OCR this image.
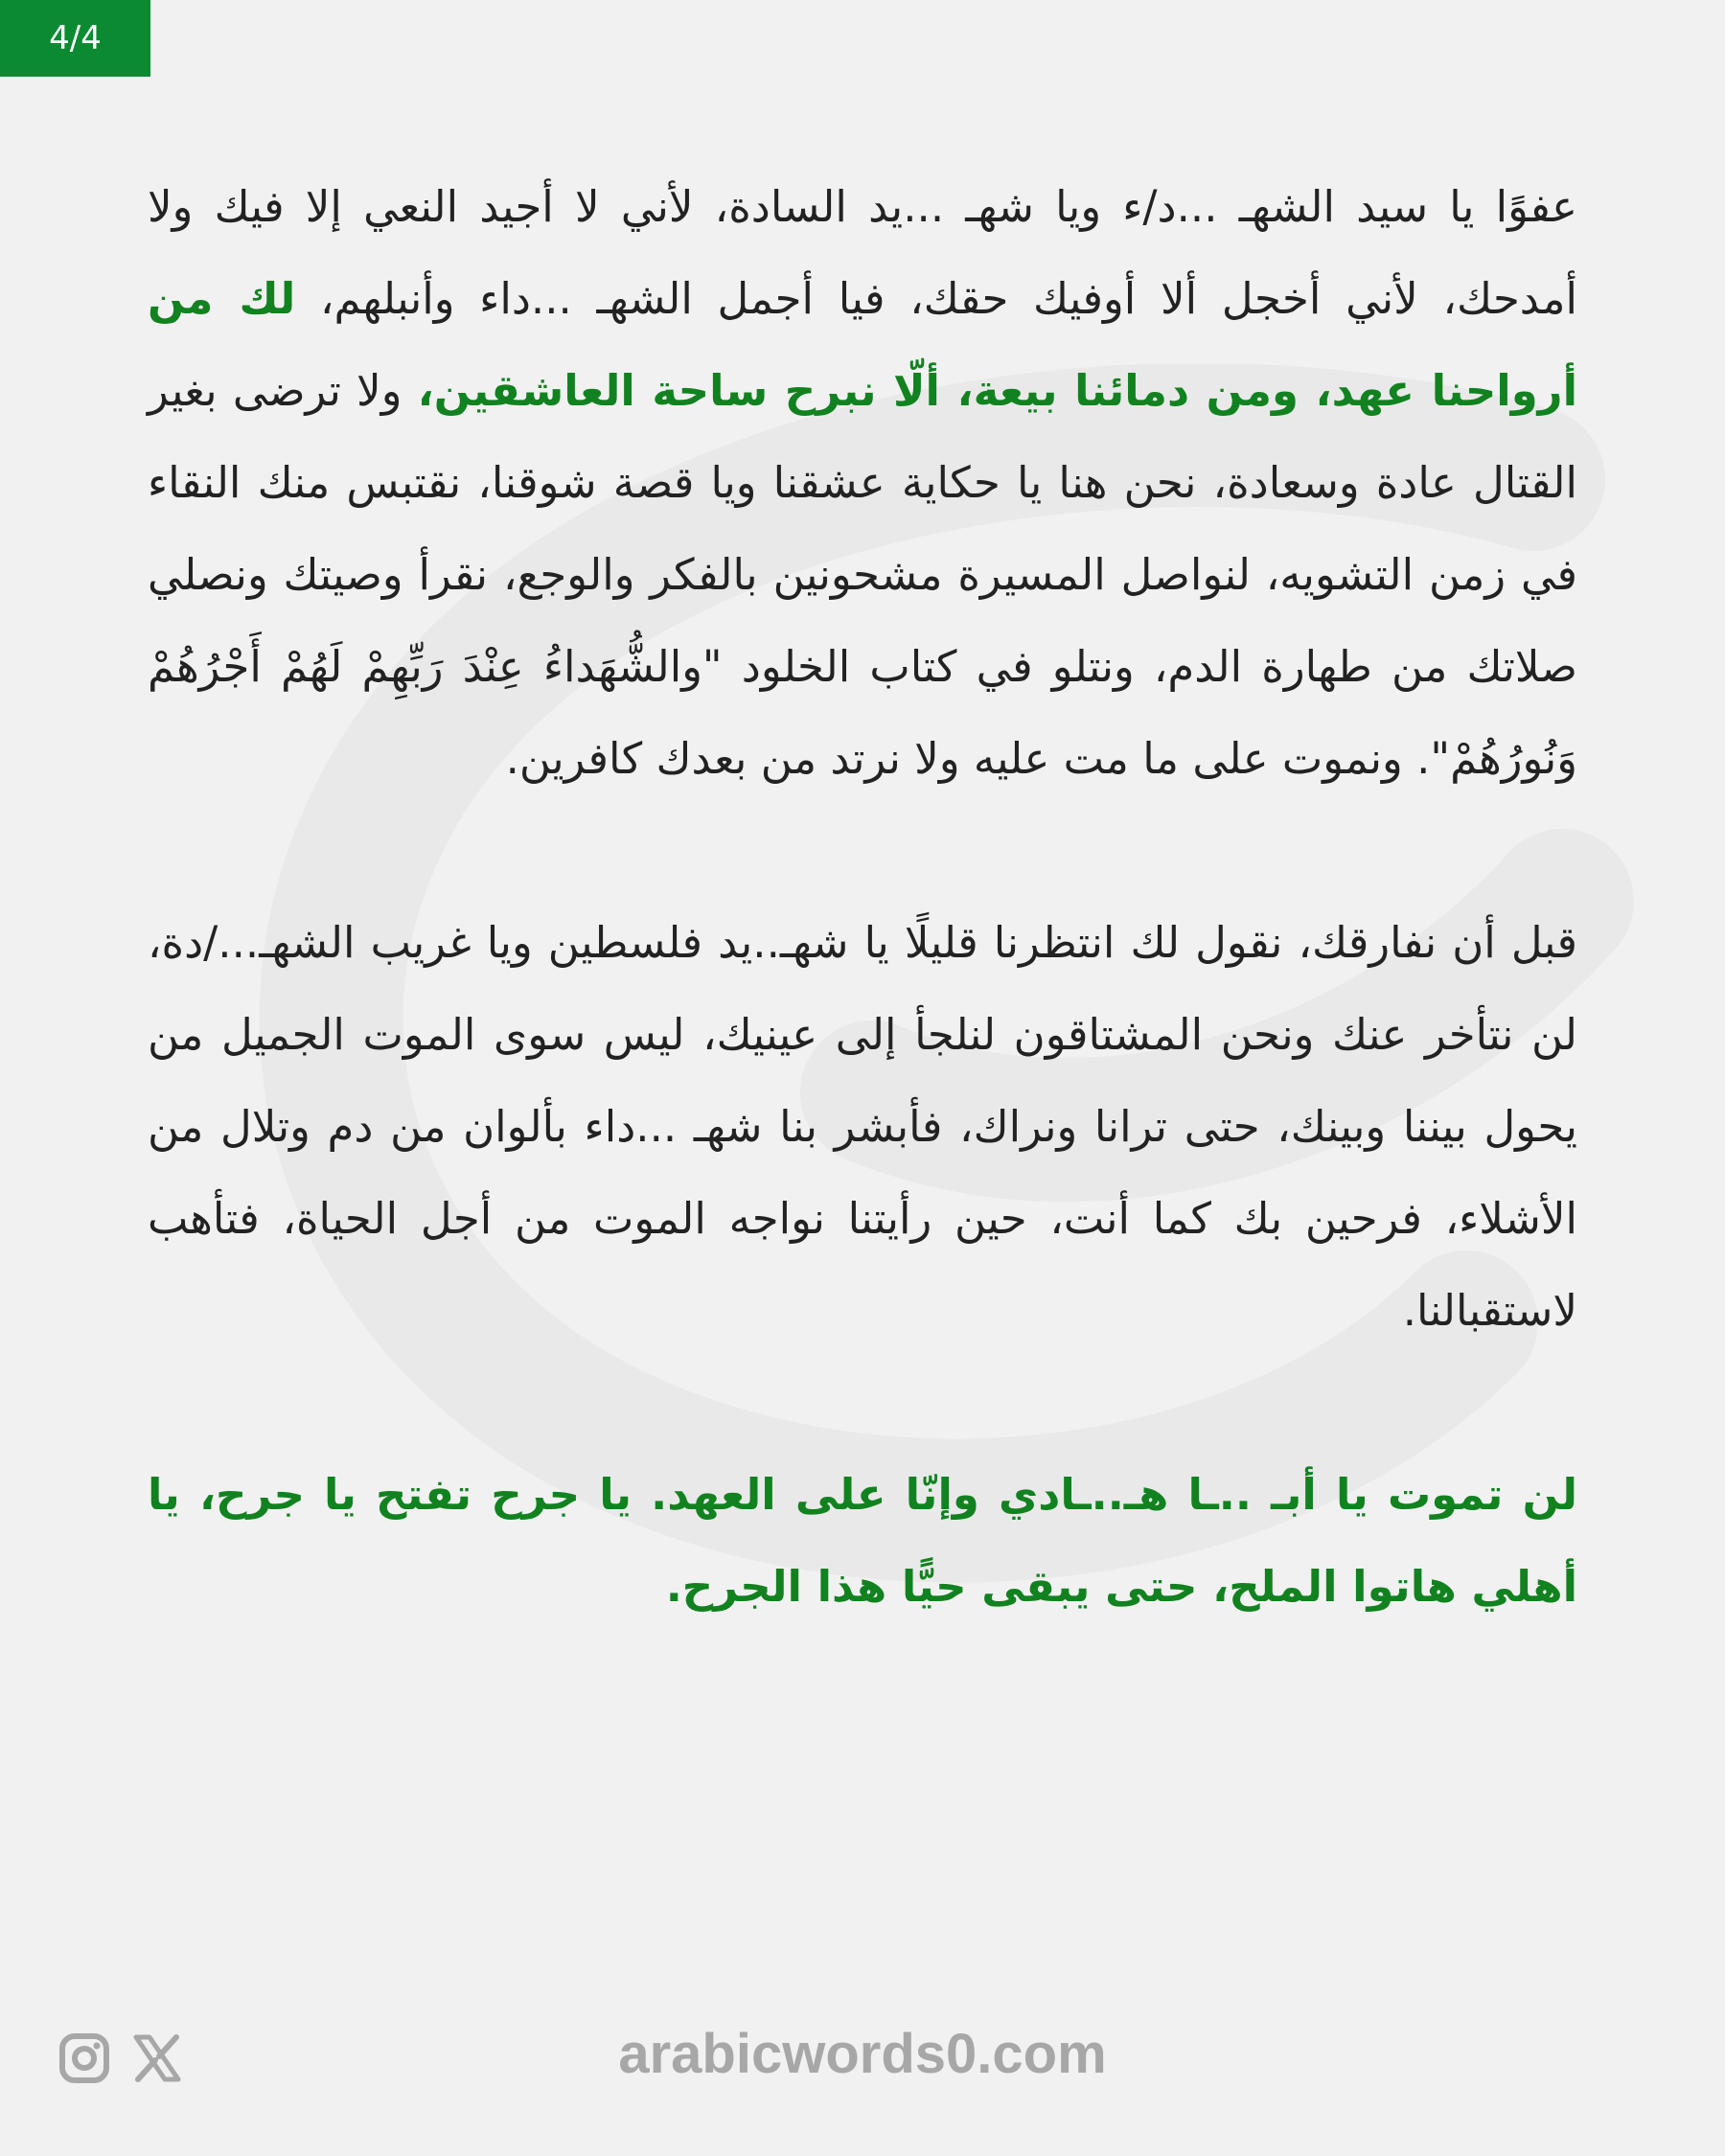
4/4

عفوًا يا سيد الشهـ ...د/ء ويا شهـ ...يد السادة، لأني لا أجيد النعي إلا فيك ولا أمدحك، لأني أخجل ألا أوفيك حقك، فيا أجمل الشهـ ...داء وأنبلهم، لك من أرواحنا عهد، ومن دمائنا بيعة، ألّا نبرح ساحة العاشقين، ولا ترضى بغير القتال عادة وسعادة، نحن هنا يا حكاية عشقنا ويا قصة شوقنا، نقتبس منك النقاء في زمن التشويه، لنواصل المسيرة مشحونين بالفكر والوجع، نقرأ وصيتك ونصلي صلاتك من طهارة الدم، ونتلو في كتاب الخلود "والشُّهَداءُ عِنْدَ رَبِّهِمْ لَهُمْ أَجْرُهُمْ وَنُورُهُمْ". ونموت على ما مت عليه ولا نرتد من بعدك كافرين.

قبل أن نفارقك، نقول لك انتظرنا قليلًا يا شهـ..يد فلسطين ويا غريب الشهـ.../دة، لن نتأخر عنك ونحن المشتاقون لنلجأ إلى عينيك، ليس سوى الموت الجميل من يحول بيننا وبينك، حتى ترانا ونراك، فأبشر بنا شهـ ...داء بألوان من دم وتلال من الأشلاء، فرحين بك كما أنت، حين رأيتنا نواجه الموت من أجل الحياة، فتأهب لاستقبالنا.

لن تموت يا أبـ ..ـا هـ..ـادي وإنّا على العهد. يا جرح تفتح يا جرح، يا أهلي هاتوا الملح، حتى يبقى حيًّا هذا الجرح.

arabicwords0.com
